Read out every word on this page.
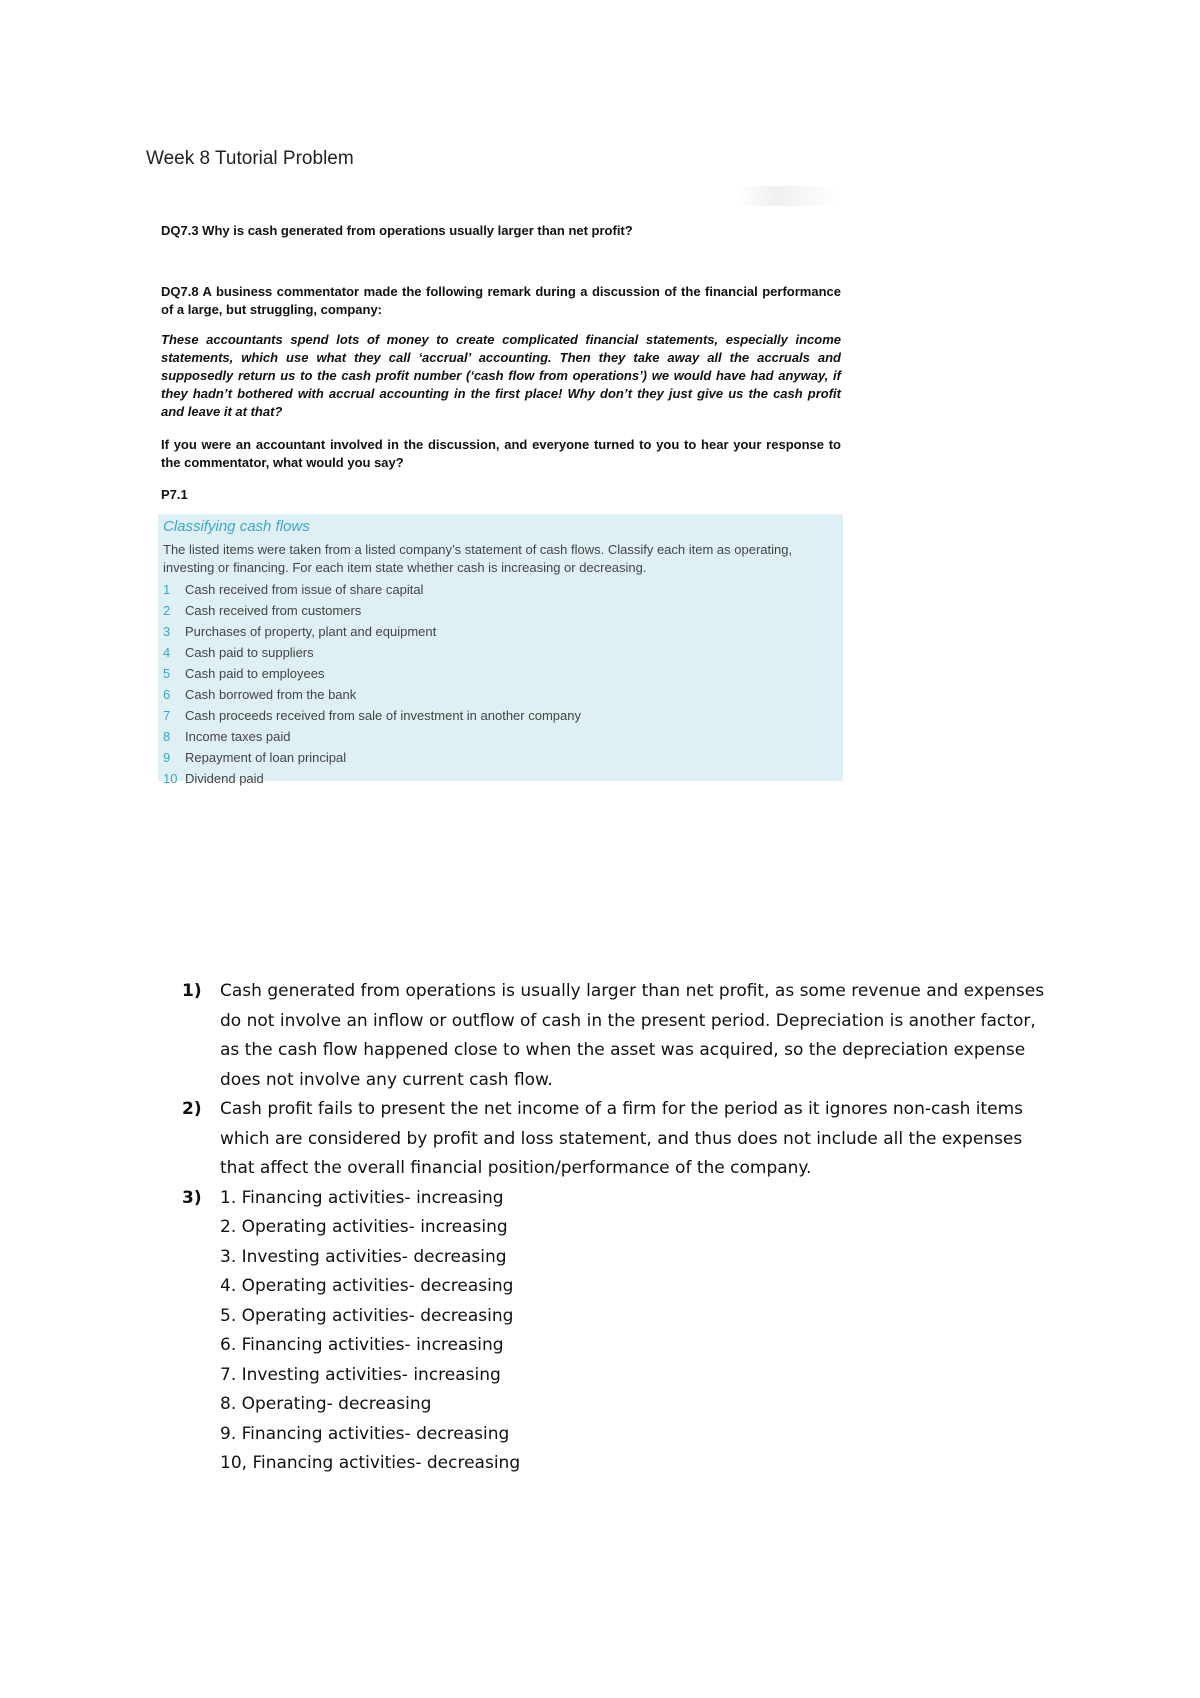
Week 8 Tutorial Problem

DQ7.3 Why is cash generated from operations usually larger than net profit?

DQ7.8 A business commentator made the following remark during a discussion of the financial performance of a large, but struggling, company:

These accountants spend lots of money to create complicated financial statements, especially income statements, which use what they call ‘accrual’ accounting. Then they take away all the accruals and supposedly return us to the cash profit number (‘cash flow from operations’) we would have had anyway, if they hadn’t bothered with accrual accounting in the first place! Why don’t they just give us the cash profit and leave it at that?

If you were an accountant involved in the discussion, and everyone turned to you to hear your response to the commentator, what would you say?

P7.1
Classifying cash flows

The listed items were taken from a listed company’s statement of cash flows. Classify each item as operating, investing or financing. For each item state whether cash is increasing or decreasing.

1 Cash received from issue of share capital
2 Cash received from customers
3 Purchases of property, plant and equipment
4 Cash paid to suppliers
5 Cash paid to employees
6 Cash borrowed from the bank
7 Cash proceeds received from sale of investment in another company
8 Income taxes paid
9 Repayment of loan principal
10 Dividend paid
1) Cash generated from operations is usually larger than net profit, as some revenue and expenses do not involve an inflow or outflow of cash in the present period. Depreciation is another factor, as the cash flow happened close to when the asset was acquired, so the depreciation expense does not involve any current cash flow.
2) Cash profit fails to present the net income of a firm for the period as it ignores non-cash items which are considered by profit and loss statement, and thus does not include all the expenses that affect the overall financial position/performance of the company.
3) 1. Financing activities- increasing
2. Operating activities- increasing
3. Investing activities- decreasing
4. Operating activities- decreasing
5. Operating activities- decreasing
6. Financing activities- increasing
7. Investing activities- increasing
8. Operating- decreasing
9. Financing activities- decreasing
10, Financing activities- decreasing
